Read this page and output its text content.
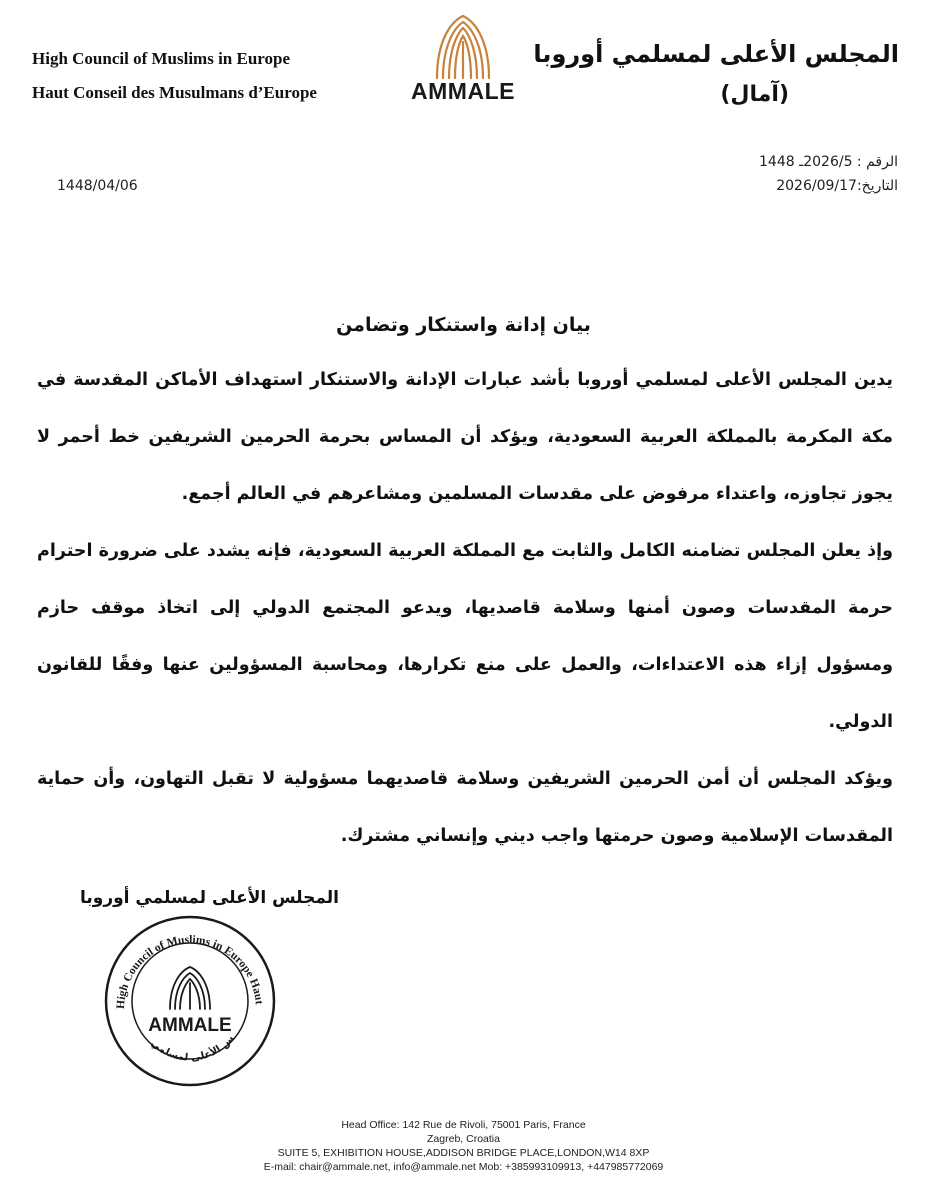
High Council of Muslims in Europe
Haut Conseil des Musulmans d’Europe	AMMALE
المجلس الأعلى لمسلمي أوروبا
(آمال)
الرقم : 2026/5ـ 1448
التاريخ:2026/09/17
1448/04/06
بيان إدانة واستنكار وتضامن

يدين المجلس الأعلى لمسلمي أوروبا بأشد عبارات الإدانة والاستنكار استهداف الأماكن المقدسة في مكة المكرمة بالمملكة العربية السعودية، ويؤكد أن المساس بحرمة الحرمين الشريفين خط أحمر لا يجوز تجاوزه، واعتداء مرفوض على مقدسات المسلمين ومشاعرهم في العالم أجمع.

وإذ يعلن المجلس تضامنه الكامل والثابت مع المملكة العربية السعودية، فإنه يشدد على ضرورة احترام حرمة المقدسات وصون أمنها وسلامة قاصديها، ويدعو المجتمع الدولي إلى اتخاذ موقف حازم ومسؤول إزاء هذه الاعتداءات، والعمل على منع تكرارها، ومحاسبة المسؤولين عنها وفقًا للقانون الدولي.

ويؤكد المجلس أن أمن الحرمين الشريفين وسلامة قاصديهما مسؤولية لا تقبل التهاون، وأن حماية المقدسات الإسلامية وصون حرمتها واجب ديني وإنساني مشترك.

المجلس الأعلى لمسلمي أوروبا
High Council of Muslims in Europe Haut
AMMALE
س الأعلى لمسلمي
Head Office: 142 Rue de Rivoli, 75001 Paris, France
Zagreb, Croatia
SUITE 5, EXHIBITION HOUSE,ADDISON BRIDGE PLACE,LONDON,W14 8XP
E-mail: chair@ammale.net, info@ammale.net Mob: +385993109913, +447985772069
